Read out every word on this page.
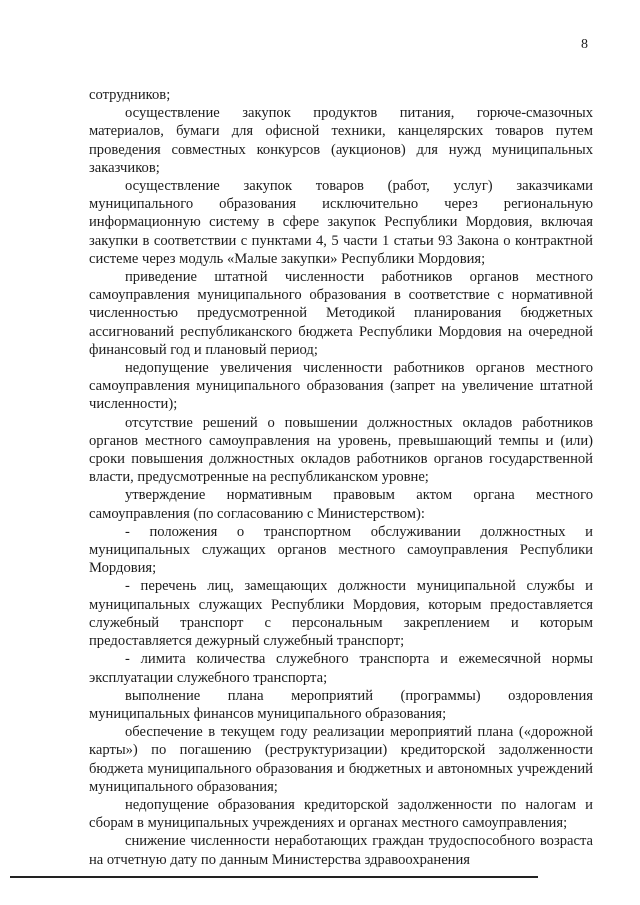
8

сотрудников;

осуществление закупок продуктов питания, горюче-смазочных материалов, бумаги для офисной техники, канцелярских товаров путем проведения совместных конкурсов (аукционов) для нужд муниципальных заказчиков;

осуществление закупок товаров (работ, услуг) заказчиками муниципального образования исключительно через региональную информационную систему в сфере закупок Республики Мордовия, включая закупки в соответствии с пунктами 4, 5 части 1 статьи 93 Закона о контрактной системе через модуль «Малые закупки» Республики Мордовия;

приведение штатной численности работников органов местного самоуправления муниципального образования в соответствие с нормативной численностью предусмотренной Методикой планирования бюджетных ассигнований республиканского бюджета Республики Мордовия на очередной финансовый год и плановый период;

недопущение увеличения численности работников органов местного самоуправления муниципального образования (запрет на увеличение штатной численности);

отсутствие решений о повышении должностных окладов работников органов местного самоуправления на уровень, превышающий темпы и (или) сроки повышения должностных окладов работников органов государственной власти, предусмотренные на республиканском уровне;

утверждение нормативным правовым актом органа местного самоуправления (по согласованию с Министерством):

- положения о транспортном обслуживании должностных и муниципальных служащих органов местного самоуправления Республики Мордовия;

- перечень лиц, замещающих должности муниципальной службы и муниципальных служащих Республики Мордовия, которым предоставляется служебный транспорт с персональным закреплением и которым предоставляется дежурный служебный транспорт;

- лимита количества служебного транспорта и ежемесячной нормы эксплуатации служебного транспорта;

выполнение плана мероприятий (программы) оздоровления муниципальных финансов муниципального образования;

обеспечение в текущем году реализации мероприятий плана («дорожной карты») по погашению (реструктуризации) кредиторской задолженности бюджета муниципального образования и бюджетных и автономных учреждений муниципального образования;

недопущение образования кредиторской задолженности по налогам и сборам в муниципальных учреждениях и органах местного самоуправления;

снижение численности неработающих граждан трудоспособного возраста на отчетную дату по данным Министерства здравоохранения
